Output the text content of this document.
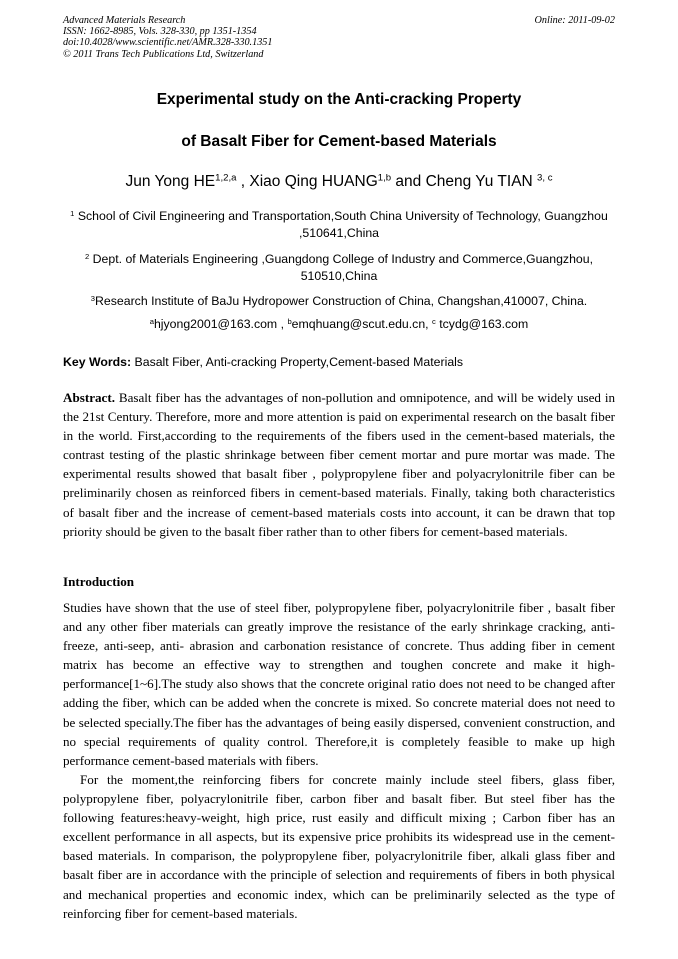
Advanced Materials Research
ISSN: 1662-8985, Vols. 328-330, pp 1351-1354
doi:10.4028/www.scientific.net/AMR.328-330.1351
© 2011 Trans Tech Publications Ltd, Switzerland
Online: 2011-09-02
Experimental study on the Anti-cracking Property
of Basalt Fiber for Cement-based Materials
Jun Yong HE$^{1,2,a}$ , Xiao Qing HUANG$^{1,b}$ and Cheng Yu TIAN $^{3, c}$
$^1$ School of Civil Engineering and Transportation,South China University of Technology, Guangzhou ,510641,China
$^2$ Dept. of Materials Engineering ,Guangdong College of Industry and Commerce,Guangzhou, 510510,China
$^3$Research Institute of BaJu Hydropower Construction of China, Changshan,410007, China.
$^a$hjyong2001@163.com , $^b$emqhuang@scut.edu.cn, $^c$ tcydg@163.com
Key Words: Basalt Fiber, Anti-cracking Property,Cement-based Materials

Abstract. Basalt fiber has the advantages of non-pollution and omnipotence, and will be widely used in the 21st Century. Therefore, more and more attention is paid on experimental research on the basalt fiber in the world. First,according to the requirements of the fibers used in the cement-based materials, the contrast testing of the plastic shrinkage between fiber cement mortar and pure mortar was made. The experimental results showed that basalt fiber , polypropylene fiber and polyacrylonitrile fiber can be preliminarily chosen as reinforced fibers in cement-based materials. Finally, taking both characteristics of basalt fiber and the increase of cement-based materials costs into account, it can be drawn that top priority should be given to the basalt fiber rather than to other fibers for cement-based materials.

Introduction

Studies have shown that the use of steel fiber, polypropylene fiber, polyacrylonitrile fiber , basalt fiber and any other fiber materials can greatly improve the resistance of the early shrinkage cracking, anti-freeze, anti-seep, anti- abrasion and carbonation resistance of concrete. Thus adding fiber in cement matrix has become an effective way to strengthen and toughen concrete and make it high-performance[1~6].The study also shows that the concrete original ratio does not need to be changed after adding the fiber, which can be added when the concrete is mixed. So concrete material does not need to be selected specially.The fiber has the advantages of being easily dispersed, convenient construction, and no special requirements of quality control. Therefore,it is completely feasible to make up high performance cement-based materials with fibers.

For the moment,the reinforcing fibers for concrete mainly include steel fibers, glass fiber, polypropylene fiber, polyacrylonitrile fiber, carbon fiber and basalt fiber. But steel fiber has the following features:heavy-weight, high price, rust easily and difficult mixing ; Carbon fiber has an excellent performance in all aspects, but its expensive price prohibits its widespread use in the cement-based materials. In comparison, the polypropylene fiber, polyacrylonitrile fiber, alkali glass fiber and basalt fiber are in accordance with the principle of selection and requirements of fibers in both physical and mechanical properties and economic index, which can be preliminarily selected as the type of reinforcing fiber for cement-based materials.
